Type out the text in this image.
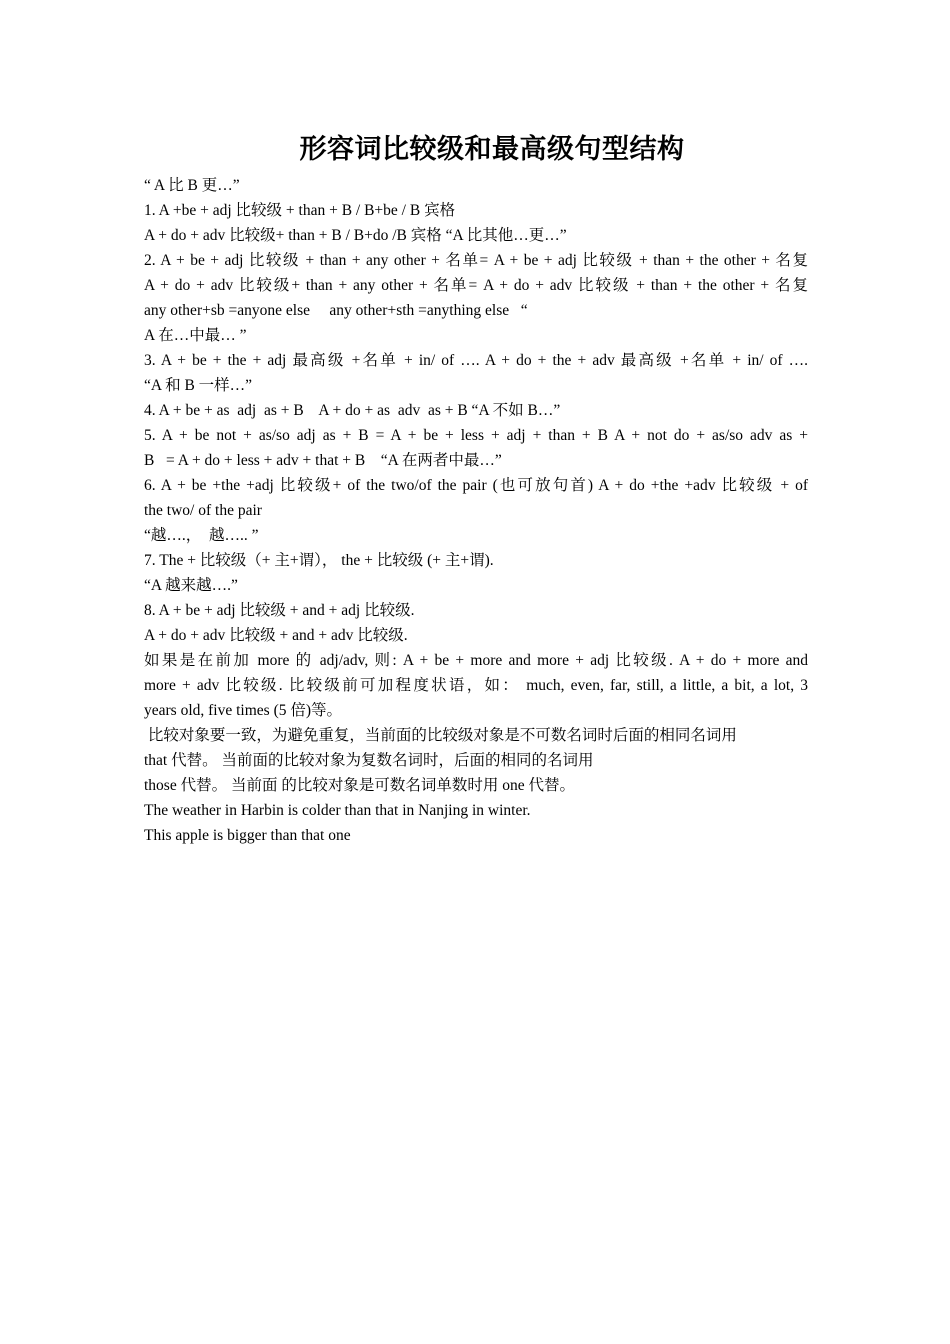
形容词比较级和最高级句型结构

“ A 比 B 更…”

1. A +be + adj 比较级 + than + B / B+be / B 宾格

A + do + adv 比较级+ than + B / B+do /B 宾格 “A 比其他…更…”

2. A + be + adj 比较级 + than + any other + 名单= A + be + adj 比较级 + than + the other + 名复

A + do + adv 比较级+ than + any other + 名单= A + do + adv 比较级 + than + the other + 名复

any other+sb =anyone else     any other+sth =anything else   “

A 在…中最… ”

3. A + be + the + adj 最高级 +名单 + in/ of …. A + do + the + adv 最高级 +名单 + in/ of ….

“A 和 B 一样…”

4. A + be + as  adj  as + B    A + do + as  adv  as + B “A 不如 B…”

5. A + be not + as/so adj as + B = A + be + less + adj + than + B A + not do + as/so adv as +

B   = A + do + less + adv + that + B    “A 在两者中最…”

6. A + be +the +adj 比较级+ of the two/of the pair (也可放句首) A + do +the +adv 比较级 + of

the two/ of the pair

“越….，  越….. ”

7. The + 比较级（+ 主+谓）， the + 比较级 (+ 主+谓).

“A 越来越….”

8. A + be + adj 比较级 + and + adj 比较级.

A + do + adv 比较级 + and + adv 比较级.

如果是在前加 more 的 adj/adv, 则: A + be + more and more + adj 比较级. A + do + more and

more + adv 比较级. 比较级前可加程度状语，如： much, even, far, still, a little, a bit, a lot, 3

years old, five times (5 倍)等。

比较对象要一致，为避免重复，当前面的比较级对象是不可数名词时后面的相同名词用

that 代替。 当前面的比较对象为复数名词时，后面的相同的名词用

those 代替。 当前面 的比较对象是可数名词单数时用 one 代替。

The weather in Harbin is colder than that in Nanjing in winter.

This apple is bigger than that one
